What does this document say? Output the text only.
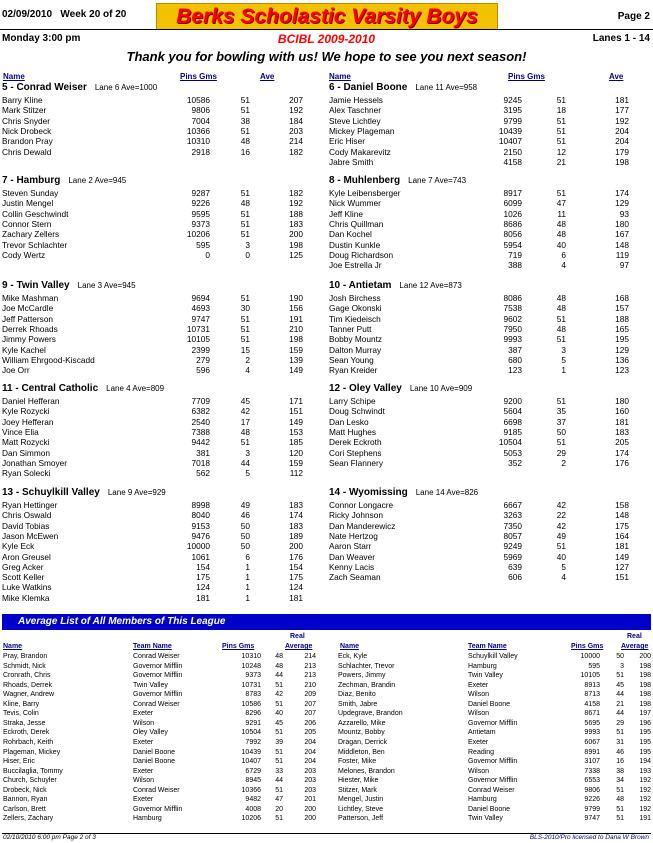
02/09/2010 Week 20 of 20	Berks Scholastic Varsity Boys	Page 2
Monday 3:00 pm	BCIBL 2009-2010	Lanes 1 - 14
Thank you for bowling with us! We hope to see you next season!
Name	Pins Gms	Ave	Name	Pins Gms	Ave
5 - Conrad Weiser Lane 6 Ave=1000
Barry Kline	10586	51	207
Mark Stitzer	9806	51	192
Chris Snyder	7004	38	184
Nick Drobeck	10366	51	203
Brandon Pray	10310	48	214
Chris Dewald	2918	16	182
7 - Hamburg Lane 2 Ave=945
Steven Sunday	9287	51	182
Justin Mengel	9226	48	192
Collin Geschwindt	9595	51	188
Connor Stern	9373	51	183
Zachary Zellers	10206	51	200
Trevor Schlachter	595	3	198
Cody Wertz	0	0	125
9 - Twin Valley Lane 3 Ave=945
Mike Mashman	9694	51	190
Joe McCardle	4693	30	156
Jeff Patterson	9747	51	191
Derrek Rhoads	10731	51	210
Jimmy Powers	10105	51	198
Kyle Kachel	2399	15	159
William Ehrgood-Kiscadd	279	2	139
Joe Orr	596	4	149
11 - Central Catholic Lane 4 Ave=809
Daniel Hefferan	7709	45	171
Kyle Rozycki	6382	42	151
Joey Hefferan	2540	17	149
Vince Elia	7388	48	153
Matt Rozycki	9442	51	185
Dan Simmon	381	3	120
Jonathan Smoyer	7018	44	159
Ryan Solecki	562	5	112
13 - Schuylkill Valley Lane 9 Ave=929
Ryan Hettinger	8998	49	183
Chris Oswald	8040	46	174
David Tobias	9153	50	183
Jason McEwen	9476	50	189
Kyle Eck	10000	50	200
Aron Greusel	1061	6	176
Greg Acker	154	1	154
Scott Keller	175	1	175
Luke Watkins	124	1	124
Mike Klemka	181	1	181
6 - Daniel Boone Lane 11 Ave=958
Jamie Hessels	9245	51	181
Alex Taschner	3195	18	177
Steve Lichtley	9799	51	192
Mickey Plageman	10439	51	204
Eric Hiser	10407	51	204
Cody Makarevitz	2150	12	179
Jabre Smith	4158	21	198
8 - Muhlenberg Lane 7 Ave=743
Kyle Leibensberger	8917	51	174
Nick Wummer	6099	47	129
Jeff Kline	1026	11	93
Chris Quillman	8686	48	180
Dan Kochel	8056	48	167
Dustin Kunkle	5954	40	148
Doug Richardson	719	6	119
Joe Estrella Jr	388	4	97
10 - Antietam Lane 12 Ave=873
Josh Birchess	8086	48	168
Gage Okonski	7538	48	157
Tim Kiedeisch	9602	51	188
Tanner Putt	7950	48	165
Bobby Mountz	9993	51	195
Dalton Murray	387	3	129
Sean Young	680	5	136
Ryan Kreider	123	1	123
12 - Oley Valley Lane 10 Ave=909
Larry Schipe	9200	51	180
Doug Schwindt	5604	35	160
Dan Lesko	6698	37	181
Matt Hughes	9185	50	183
Derek Eckroth	10504	51	205
Cori Stephens	5053	29	174
Sean Flannery	352	2	176
14 - Wyomissing Lane 14 Ave=826
Connor Longacre	6667	42	158
Ricky Johnson	3263	22	148
Dan Manderewicz	7350	42	175
Nate Hertzog	8057	49	164
Aaron Starr	9249	51	181
Dan Weaver	5969	40	149
Kenny Lacis	639	5	127
Zach Seaman	606	4	151
Average List of All Members of This League
Real	Real
Name	Team Name	Pins Gms	Average	Name	Team Name	Pins Gms	Average
Pray, Brandon	Conrad Weiser	10310 48	214
Schmidt, Nick	Governor Mifflin	10248 48	213
Cronrath, Chris	Governor Mifflin	9373 44	213
Rhoads, Derrek	Twin Valley	10731 51	210
Wagner, Andrew	Governor Mifflin	8783 42	209
Kline, Barry	Conrad Weiser	10586 51	207
Tevis, Colin	Exeter	8296 40	207
Straka, Jesse	Wilson	9291 45	206
Eckroth, Derek	Oley Valley	10504 51	205
Rohrbach, Keith	Exeter	7992 39	204
Plageman, Mickey	Daniel Boone	10439 51	204
Hiser, Eric	Daniel Boone	10407 51	204
Buccilaglia, Tommy	Exeter	6729 33	203
Church, Schuyler	Wilson	8945 44	203
Drobeck, Nick	Conrad Weiser	10366 51	203
Bannon, Ryan	Exeter	9482 47	201
Carlson, Brett	Governor Mifflin	4008 20	200
Zellers, Zachary	Hamburg	10206 51	200
Eck, Kyle	Schuylkill Valley	10000 50 200
Schlachter, Trevor	Hamburg	595	3 198
Powers, Jimmy	Twin Valley	10105 51 198
Zechman, Brandin	Exeter	8913 45 198
Diaz, Benito	Wilson	8713 44 198
Smith, Jabre	Daniel Boone	4158 21 198
Updegrave, Brandon	Wilson	8671 44 197
Azzarello, Mike	Governor Mifflin	5695 29 196
Mountz, Bobby	Antietam	9993 51 195
Dragan, Derrick	Exeter	6067 31 195
Middleton, Ben	Reading	8991 46 195
Foster, Mike	Governor Mifflin	3107 16 194
Melones, Brandon	Wilson	7338 38 193
Hiester, Mike	Governor Mifflin	6553 34 192
Stitzer, Mark	Conrad Weiser	9806 51 192
Mengel, Justin	Hamburg	9226 48 192
Lichtley, Steve	Daniel Boone	9799 51 192
Patterson, Jeff	Twin Valley	9747 51 191
02/10/2010 6:00 pm Page 2 of 3	BLS-2010/Pro licensed to Dana W Brown
